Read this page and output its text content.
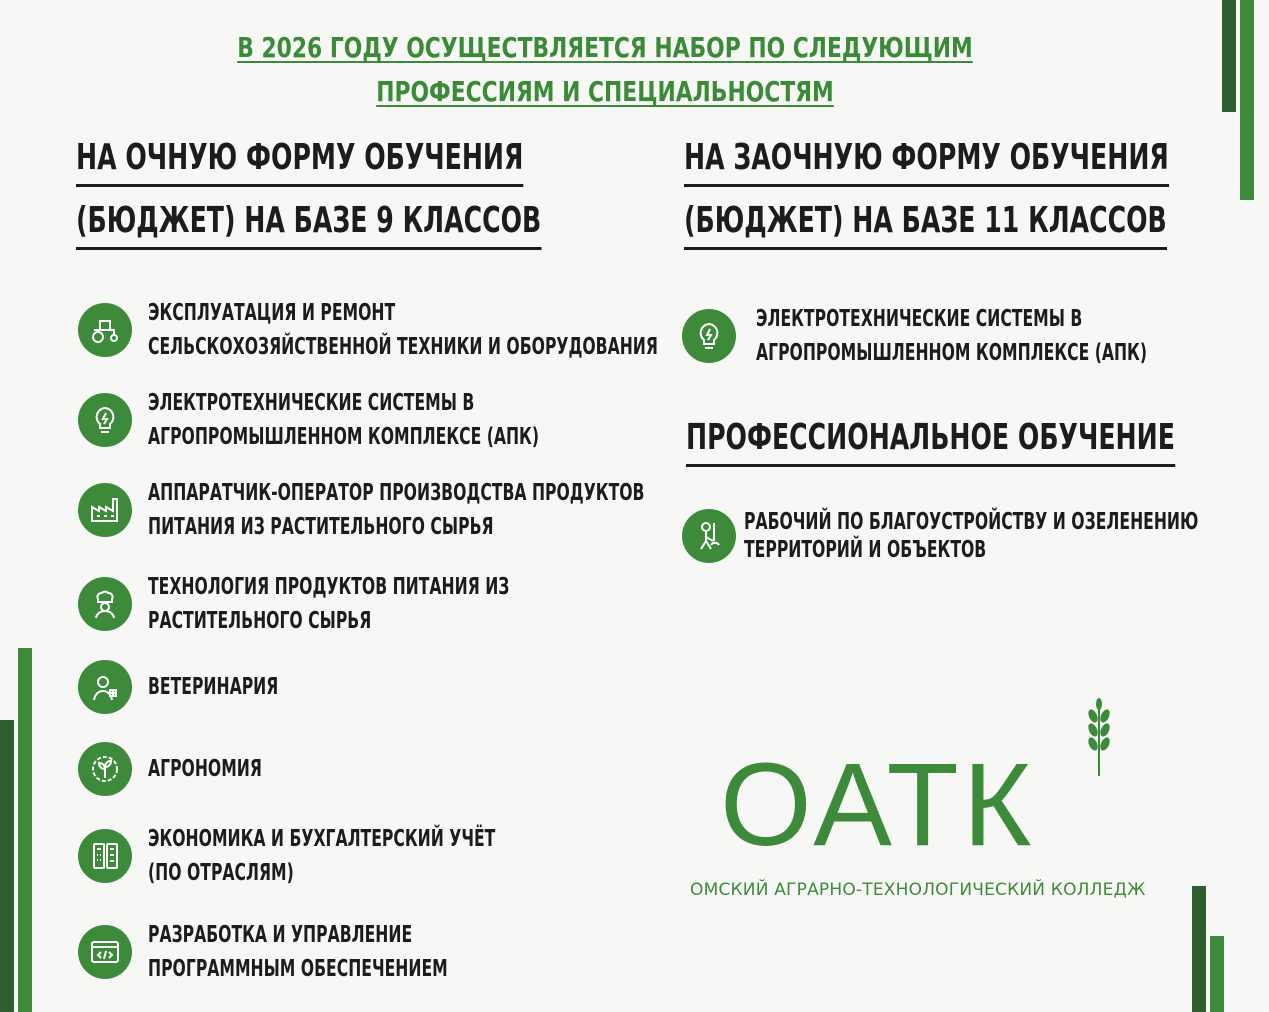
В 2026 ГОДУ ОСУЩЕСТВЛЯЕТСЯ НАБОР ПО СЛЕДУЮЩИМ
ПРОФЕССИЯМ И СПЕЦИАЛЬНОСТЯМ
НА ОЧНУЮ ФОРМУ ОБУЧЕНИЯ
(БЮДЖЕТ) НА БАЗЕ 9 КЛАССОВ
НА ЗАОЧНУЮ ФОРМУ ОБУЧЕНИЯ
(БЮДЖЕТ) НА БАЗЕ 11 КЛАССОВ
ЭКСПЛУАТАЦИЯ И РЕМОНТ
СЕЛЬСКОХОЗЯЙСТВЕННОЙ ТЕХНИКИ И ОБОРУДОВАНИЯ
ЭЛЕКТРОТЕХНИЧЕСКИЕ СИСТЕМЫ В
АГРОПРОМЫШЛЕННОМ КОМПЛЕКСЕ (АПК)
АППАРАТЧИК-ОПЕРАТОР ПРОИЗВОДСТВА ПРОДУКТОВ
ПИТАНИЯ ИЗ РАСТИТЕЛЬНОГО СЫРЬЯ
ТЕХНОЛОГИЯ ПРОДУКТОВ ПИТАНИЯ ИЗ
РАСТИТЕЛЬНОГО СЫРЬЯ
ВЕТЕРИНАРИЯ
АГРОНОМИЯ
ЭКОНОМИКА И БУХГАЛТЕРСКИЙ УЧЁТ
(ПО ОТРАСЛЯМ)
РАЗРАБОТКА И УПРАВЛЕНИЕ
ПРОГРАММНЫМ ОБЕСПЕЧЕНИЕМ
ЭЛЕКТРОТЕХНИЧЕСКИЕ СИСТЕМЫ В
АГРОПРОМЫШЛЕННОМ КОМПЛЕКСЕ (АПК)
ПРОФЕССИОНАЛЬНОЕ ОБУЧЕНИЕ
РАБОЧИЙ ПО БЛАГОУСТРОЙСТВУ И ОЗЕЛЕНЕНИЮ
ТЕРРИТОРИЙ И ОБЪЕКТОВ
ОАТК
ОМСКИЙ АГРАРНО-ТЕХНОЛОГИЧЕСКИЙ КОЛЛЕДЖ
